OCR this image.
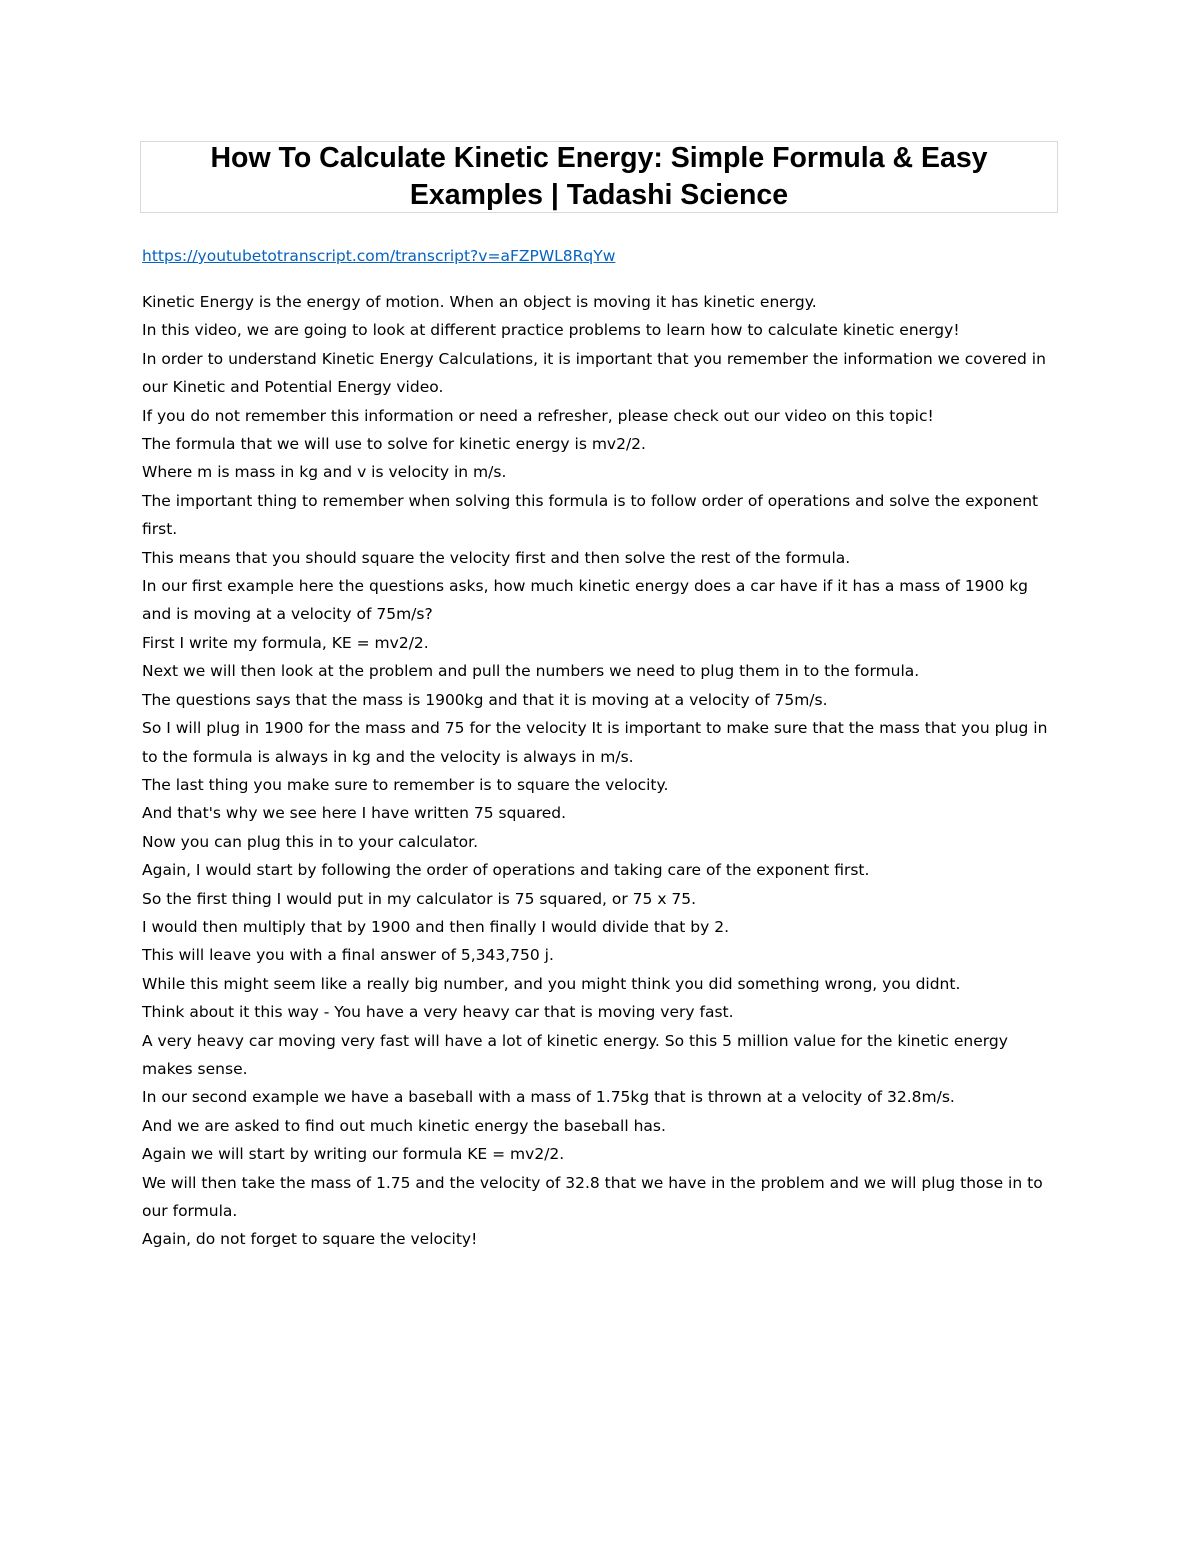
How To Calculate Kinetic Energy: Simple Formula & Easy Examples | Tadashi Science
https://youtubetotranscript.com/transcript?v=aFZPWL8RqYw

Kinetic Energy is the energy of motion. When an object is moving it has kinetic energy.

In this video, we are going to look at different practice problems to learn how to calculate kinetic energy!

In order to understand Kinetic Energy Calculations, it is important that you remember the information we covered in our Kinetic and Potential Energy video.

If you do not remember this information or need a refresher, please check out our video on this topic!

The formula that we will use to solve for kinetic energy is mv2/2.

Where m is mass in kg and v is velocity in m/s.

The important thing to remember when solving this formula is to follow order of operations and solve the exponent first.

This means that you should square the velocity first and then solve the rest of the formula.

In our first example here the questions asks, how much kinetic energy does a car have if it has a mass of 1900 kg and is moving at a velocity of 75m/s?

First I write my formula, KE = mv2/2.

Next we will then look at the problem and pull the numbers we need to plug them in to the formula.

The questions says that the mass is 1900kg and that it is moving at a velocity of 75m/s.

So I will plug in 1900 for the mass and 75 for the velocity It is important to make sure that the mass that you plug in to the formula is always in kg and the velocity is always in m/s.

The last thing you make sure to remember is to square the velocity.

And that's why we see here I have written 75 squared.

Now you can plug this in to your calculator.

Again, I would start by following the order of operations and taking care of the exponent first.

So the first thing I would put in my calculator is 75 squared, or 75 x 75.

I would then multiply that by 1900 and then finally I would divide that by 2.

This will leave you with a final answer of 5,343,750 j.

While this might seem like a really big number, and you might think you did something wrong, you didnt.

Think about it this way - You have a very heavy car that is moving very fast.

A very heavy car moving very fast will have a lot of kinetic energy. So this 5 million value for the kinetic energy makes sense.

In our second example we have a baseball with a mass of 1.75kg that is thrown at a velocity of 32.8m/s.

And we are asked to find out much kinetic energy the baseball has.

Again we will start by writing our formula KE = mv2/2.

We will then take the mass of 1.75 and the velocity of 32.8 that we have in the problem and we will plug those in to our formula.

Again, do not forget to square the velocity!
